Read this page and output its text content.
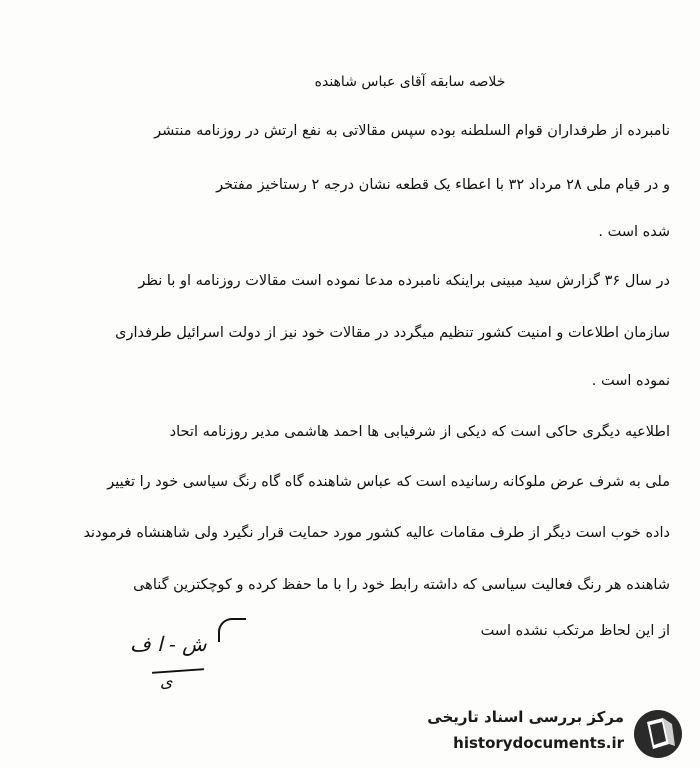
خلاصه سابقه آقای عباس شاهنده
نامبرده از طرفداران قوام السلطنه بوده سپس مقالاتی به نفع ارتش در روزنامه منتشر
و در قیام ملی ۲۸ مرداد ۳۲ با اعطاء یک قطعه نشان درجه ۲ رستاخیز مفتخر
شده است .
در سال ۳۶ گزارش سید مبینی براینکه نامبرده مدعا نموده است مقالات روزنامه او با نظر
سازمان اطلاعات و امنیت کشور تنظیم میگردد در مقالات خود نیز از دولت اسرائیل طرفداری
نموده است .
اطلاعیه دیگری حاکی است که دیکی از شرفیابی ها احمد هاشمی مدیر روزنامه اتحاد
ملی به شرف عرض ملوکانه رسانیده است که عباس شاهنده گاه گاه رنگ سیاسی خود را تغییر
داده خوب است دیگر از طرف مقامات عالیه کشور مورد حمایت قرار نگیرد ولی شاهنشاه فرمودند
شاهنده هر رنگ فعالیت سیاسی که داشته رابط خود را با ما حفظ کرده و کوچکترین گناهی
از این لحاظ مرتکب نشده است
ش - ا ف
ی
مرکز بررسی اسناد تاریخی
historydocuments.ir
